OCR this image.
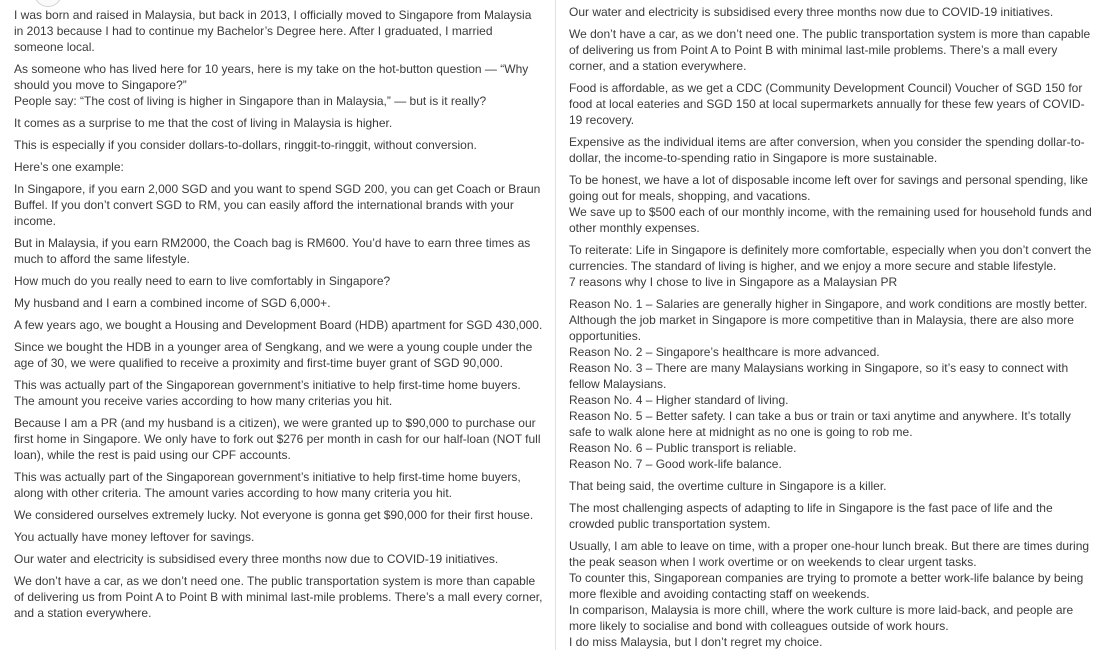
I was born and raised in Malaysia, but back in 2013, I officially moved to Singapore from Malaysia in 2013 because I had to continue my Bachelor’s Degree here. After I graduated, I married someone local.

As someone who has lived here for 10 years, here is my take on the hot-button question — “Why should you move to Singapore?”
People say: “The cost of living is higher in Singapore than in Malaysia,” — but is it really?

It comes as a surprise to me that the cost of living in Malaysia is higher.

This is especially if you consider dollars-to-dollars, ringgit-to-ringgit, without conversion.

Here’s one example:

In Singapore, if you earn 2,000 SGD and you want to spend SGD 200, you can get Coach or Braun Buffel. If you don’t convert SGD to RM, you can easily afford the international brands with your income.

But in Malaysia, if you earn RM2000, the Coach bag is RM600. You’d have to earn three times as much to afford the same lifestyle.

How much do you really need to earn to live comfortably in Singapore?

My husband and I earn a combined income of SGD 6,000+.

A few years ago, we bought a Housing and Development Board (HDB) apartment for SGD 430,000.

Since we bought the HDB in a younger area of Sengkang, and we were a young couple under the age of 30, we were qualified to receive a proximity and first-time buyer grant of SGD 90,000.

This was actually part of the Singaporean government’s initiative to help first-time home buyers. The amount you receive varies according to how many criterias you hit.

Because I am a PR (and my husband is a citizen), we were granted up to $90,000 to purchase our first home in Singapore. We only have to fork out $276 per month in cash for our half-loan (NOT full loan), while the rest is paid using our CPF accounts.

This was actually part of the Singaporean government’s initiative to help first-time home buyers, along with other criteria. The amount varies according to how many criteria you hit.

We considered ourselves extremely lucky. Not everyone is gonna get $90,000 for their first house.

You actually have money leftover for savings.

Our water and electricity is subsidised every three months now due to COVID-19 initiatives.

We don’t have a car, as we don’t need one. The public transportation system is more than capable of delivering us from Point A to Point B with minimal last-mile problems. There’s a mall every corner, and a station everywhere.

Our water and electricity is subsidised every three months now due to COVID-19 initiatives.

We don’t have a car, as we don’t need one. The public transportation system is more than capable of delivering us from Point A to Point B with minimal last-mile problems. There’s a mall every corner, and a station everywhere.

Food is affordable, as we get a CDC (Community Development Council) Voucher of SGD 150 for food at local eateries and SGD 150 at local supermarkets annually for these few years of COVID-19 recovery.

Expensive as the individual items are after conversion, when you consider the spending dollar-to-dollar, the income-to-spending ratio in Singapore is more sustainable.

To be honest, we have a lot of disposable income left over for savings and personal spending, like going out for meals, shopping, and vacations.
We save up to $500 each of our monthly income, with the remaining used for household funds and other monthly expenses.

To reiterate: Life in Singapore is definitely more comfortable, especially when you don’t convert the currencies. The standard of living is higher, and we enjoy a more secure and stable lifestyle.
7 reasons why I chose to live in Singapore as a Malaysian PR

Reason No. 1 – Salaries are generally higher in Singapore, and work conditions are mostly better. Although the job market in Singapore is more competitive than in Malaysia, there are also more opportunities.
Reason No. 2 – Singapore’s healthcare is more advanced.
Reason No. 3 – There are many Malaysians working in Singapore, so it’s easy to connect with fellow Malaysians.
Reason No. 4 – Higher standard of living.
Reason No. 5 – Better safety. I can take a bus or train or taxi anytime and anywhere. It’s totally safe to walk alone here at midnight as no one is going to rob me.
Reason No. 6 – Public transport is reliable.
Reason No. 7 – Good work-life balance.

That being said, the overtime culture in Singapore is a killer.

The most challenging aspects of adapting to life in Singapore is the fast pace of life and the crowded public transportation system.

Usually, I am able to leave on time, with a proper one-hour lunch break. But there are times during the peak season when I work overtime or on weekends to clear urgent tasks.
To counter this, Singaporean companies are trying to promote a better work-life balance by being more flexible and avoiding contacting staff on weekends.
In comparison, Malaysia is more chill, where the work culture is more laid-back, and people are more likely to socialise and bond with colleagues outside of work hours.
I do miss Malaysia, but I don’t regret my choice.
